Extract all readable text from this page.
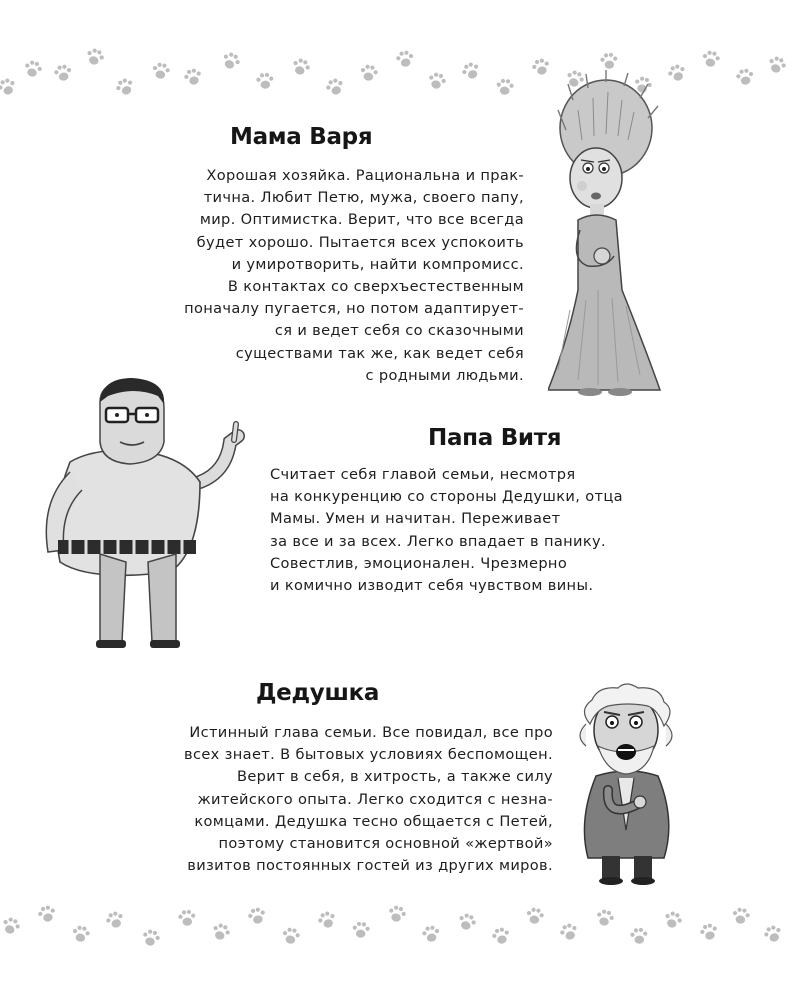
Мама Варя
Хорошая хозяйка. Рациональна и прак-
тична. Любит Петю, мужа, своего папу,
мир. Оптимистка. Верит, что все всегда
будет хорошо. Пытается всех успокоить
и умиротворить, найти компромисс.
В контактах со сверхъестественным
поначалу пугается, но потом адаптирует-
ся и ведет себя со сказочными
существами так же, как ведет себя
с родными людьми.
Папа Витя
Считает себя главой семьи, несмотря
на конкуренцию со стороны Дедушки, отца
Мамы. Умен и начитан. Переживает
за все и за всех. Легко впадает в панику.
Совестлив, эмоционален. Чрезмерно
и комично изводит себя чувством вины.
Дедушка
Истинный глава семьи. Все повидал, все про
всех знает. В бытовых условиях беспомощен.
Верит в себя, в хитрость, а также силу
житейского опыта. Легко сходится с незна-
комцами. Дедушка тесно общается с Петей,
поэтому становится основной «жертвой»
визитов постоянных гостей из других миров.
